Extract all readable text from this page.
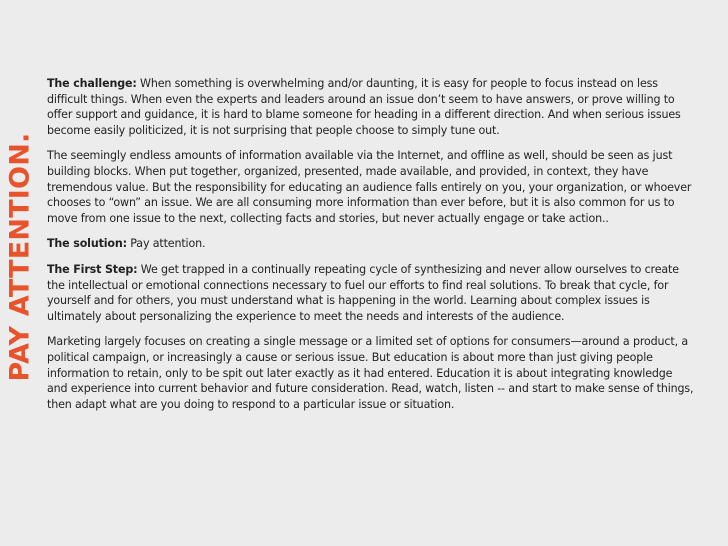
PAY ATTENTION.

The challenge: When something is overwhelming and/or daunting, it is easy for people to focus instead on less difficult things. When even the experts and leaders around an issue don’t seem to have answers, or prove willing to offer support and guidance, it is hard to blame someone for heading in a different direction. And when serious issues become easily politicized, it is not surprising that people choose to simply tune out.

The seemingly endless amounts of information available via the Internet, and offline as well, should be seen as just building blocks. When put together, organized, presented, made available, and provided, in context, they have tremendous value. But the responsibility for educating an audience falls entirely on you, your organization, or whoever chooses to “own” an issue. We are all consuming more information than ever before, but it is also common for us to move from one issue to the next, collecting facts and stories, but never actually engage or take action..

The solution: Pay attention.

The First Step: We get trapped in a continually repeating cycle of synthesizing and never allow ourselves to create the intellectual or emotional connections necessary to fuel our efforts to find real solutions. To break that cycle, for yourself and for others, you must understand what is happening in the world. Learning about complex issues is ultimately about personalizing the experience to meet the needs and interests of the audience.

Marketing largely focuses on creating a single message or a limited set of options for consumers—around a product, a political campaign, or increasingly a cause or serious issue. But education is about more than just giving people information to retain, only to be spit out later exactly as it had entered. Education it is about integrating knowledge and experience into current behavior and future consideration. Read, watch, listen -- and start to make sense of things, then adapt what are you doing to respond to a particular issue or situation.
